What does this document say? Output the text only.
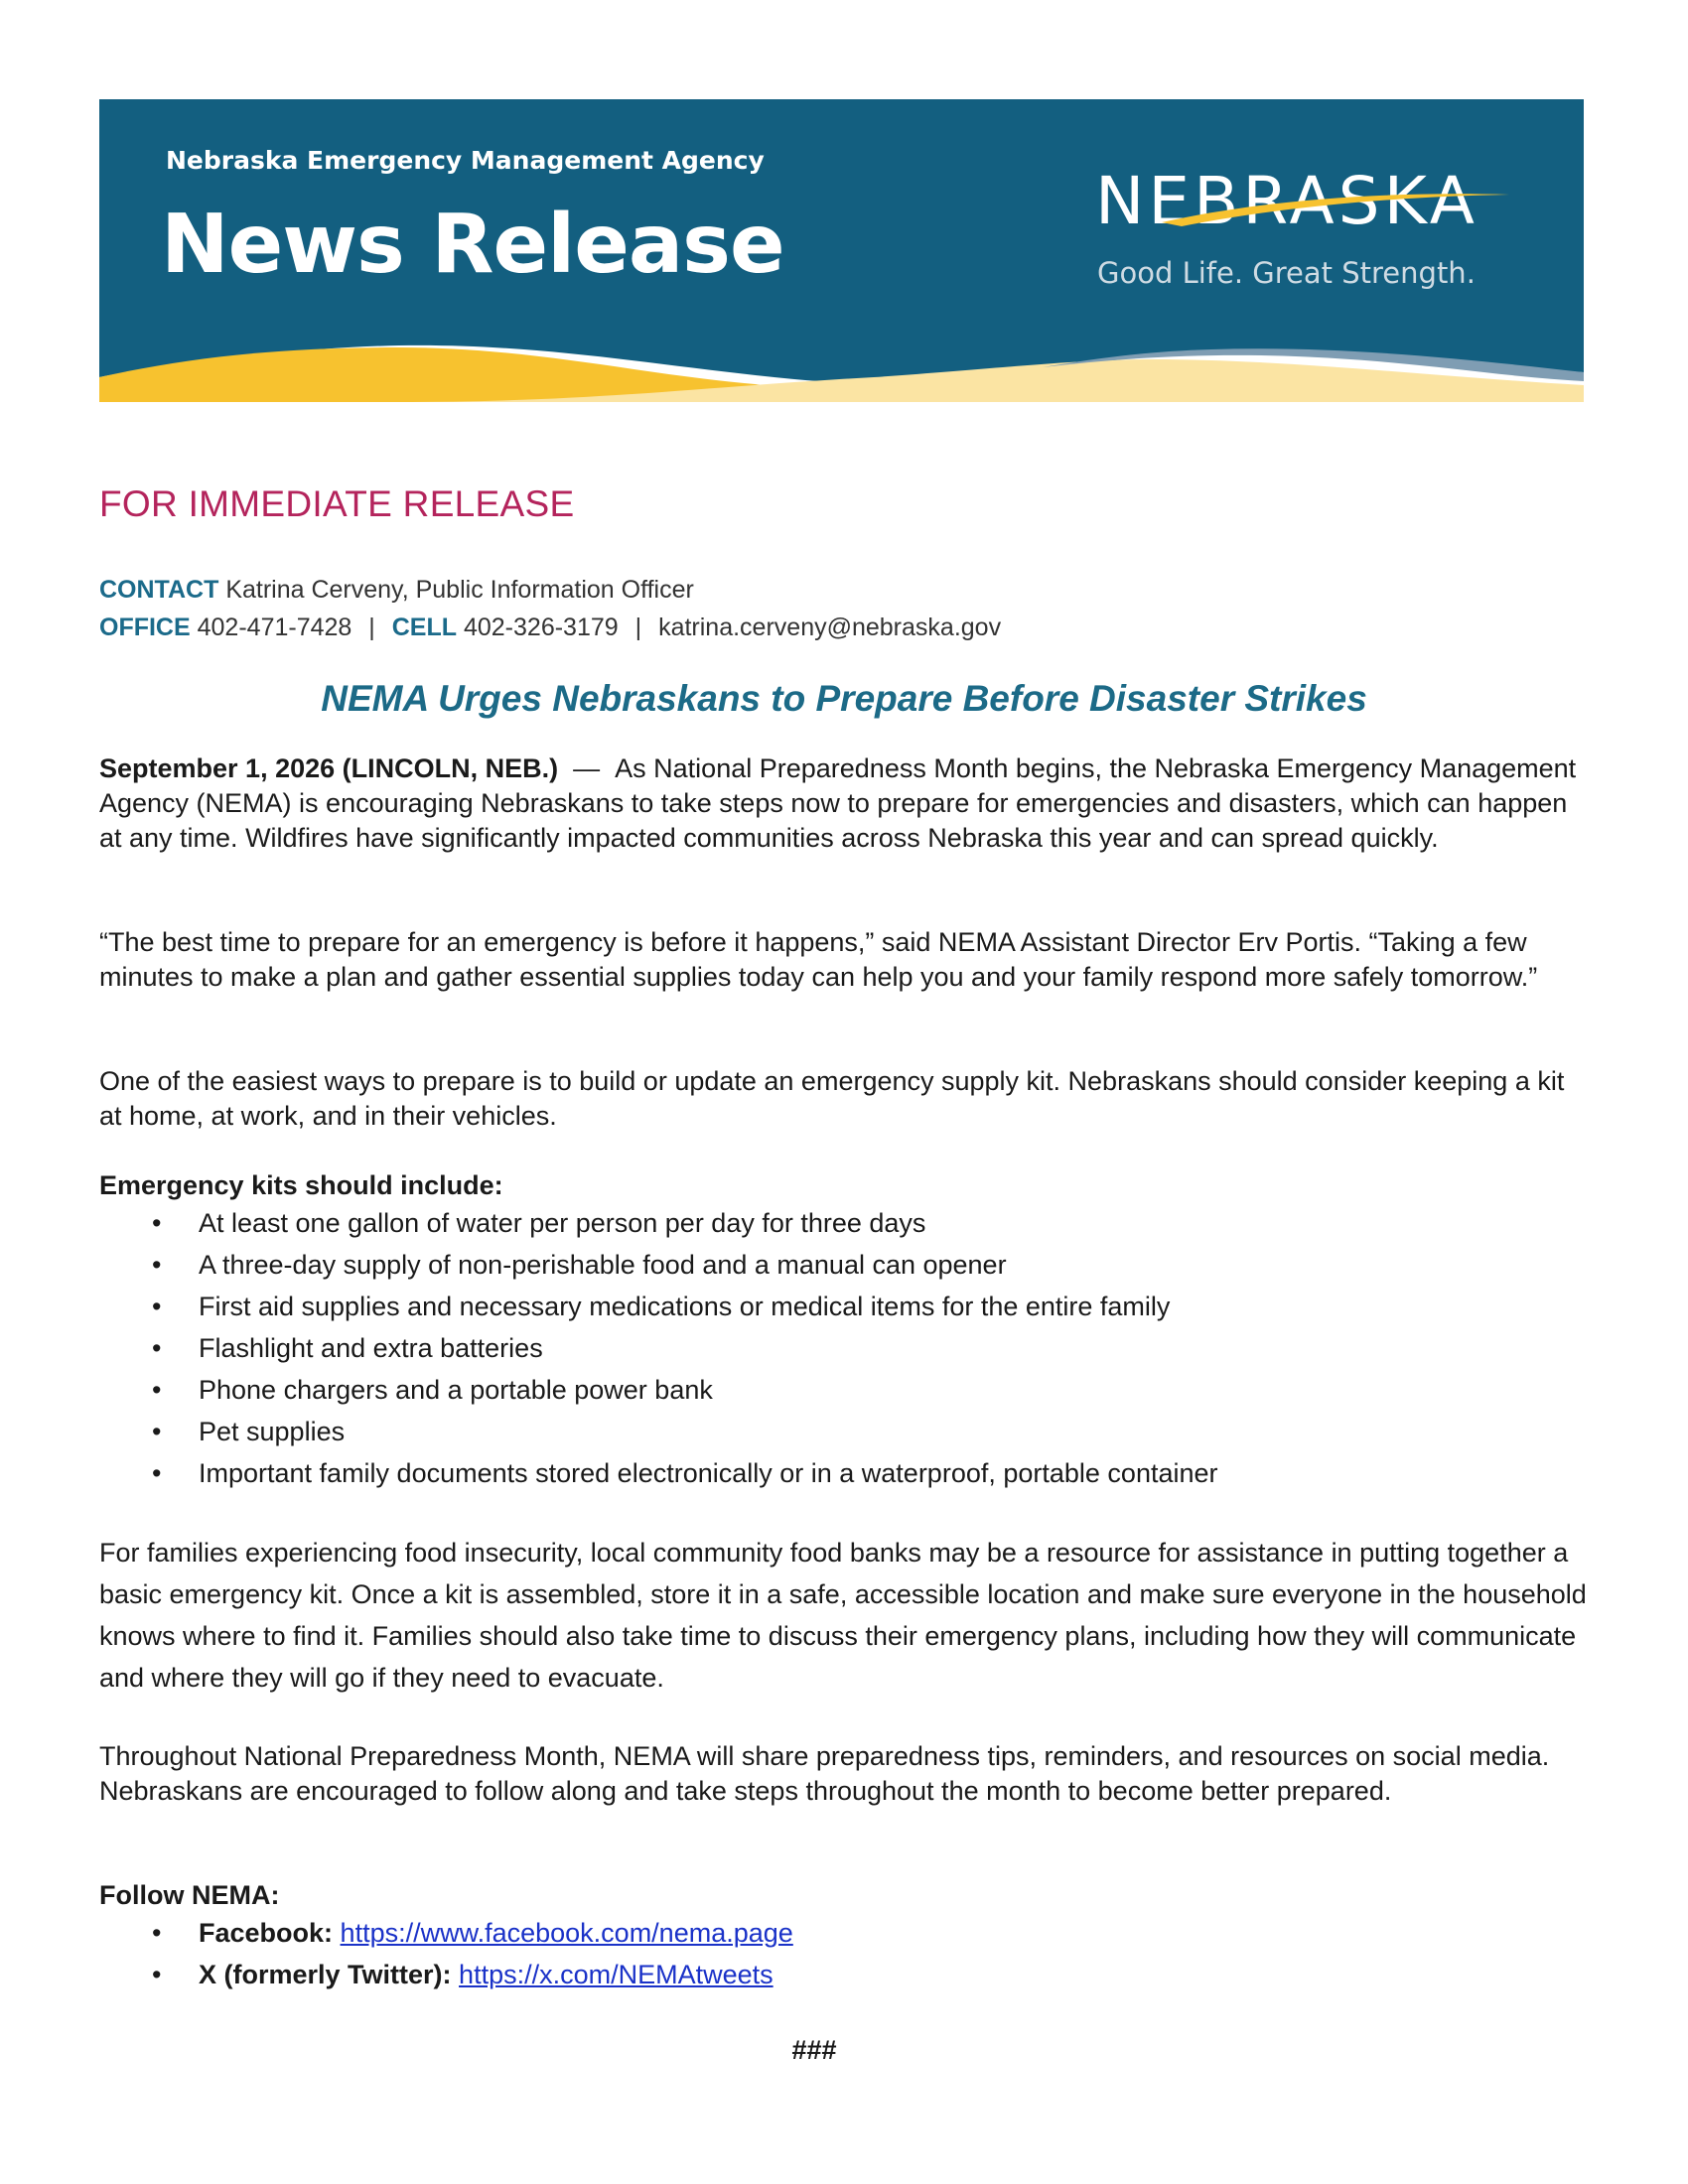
Nebraska Emergency Management Agency
News Release	NEBRASKA
Good Life. Great Strength.
FOR IMMEDIATE RELEASE
CONTACT Katrina Cerveny, Public Information Officer
OFFICE 402-471-7428 | CELL 402-326-3179 | katrina.cerveny@nebraska.gov
NEMA Urges Nebraskans to Prepare Before Disaster Strikes

September 1, 2026 (LINCOLN, NEB.) — As National Preparedness Month begins, the Nebraska Emergency Management Agency (NEMA) is encouraging Nebraskans to take steps now to prepare for emergencies and disasters, which can happen at any time. Wildfires have significantly impacted communities across Nebraska this year and can spread quickly.

“The best time to prepare for an emergency is before it happens,” said NEMA Assistant Director Erv Portis. “Taking a few minutes to make a plan and gather essential supplies today can help you and your family respond more safely tomorrow.”

One of the easiest ways to prepare is to build or update an emergency supply kit. Nebraskans should consider keeping a kit at home, at work, and in their vehicles.

Emergency kits should include:
• At least one gallon of water per person per day for three days
• A three-day supply of non-perishable food and a manual can opener
• First aid supplies and necessary medications or medical items for the entire family
• Flashlight and extra batteries
• Phone chargers and a portable power bank
• Pet supplies
• Important family documents stored electronically or in a waterproof, portable container

For families experiencing food insecurity, local community food banks may be a resource for assistance in putting together a basic emergency kit. Once a kit is assembled, store it in a safe, accessible location and make sure everyone in the household knows where to find it. Families should also take time to discuss their emergency plans, including how they will communicate and where they will go if they need to evacuate.

Throughout National Preparedness Month, NEMA will share preparedness tips, reminders, and resources on social media. Nebraskans are encouraged to follow along and take steps throughout the month to become better prepared.

Follow NEMA:
• Facebook: https://www.facebook.com/nema.page
• X (formerly Twitter): https://x.com/NEMAtweets
###
